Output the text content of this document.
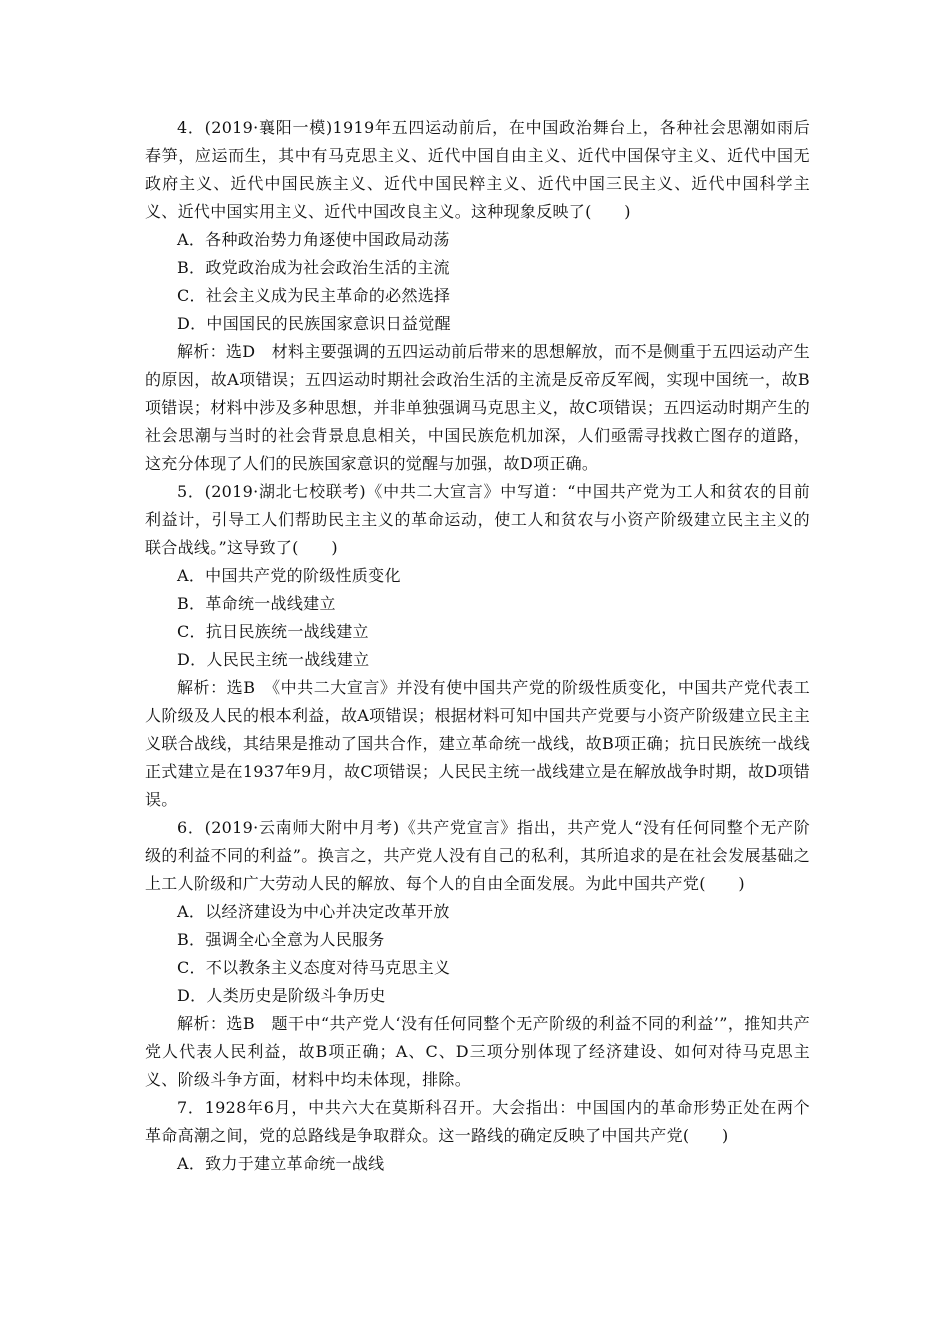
4．(2019·襄阳一模)1919年五四运动前后，在中国政治舞台上，各种社会思潮如雨后春笋，应运而生，其中有马克思主义、近代中国自由主义、近代中国保守主义、近代中国无政府主义、近代中国民族主义、近代中国民粹主义、近代中国三民主义、近代中国科学主义、近代中国实用主义、近代中国改良主义。这种现象反映了(　　)

A．各种政治势力角逐使中国政局动荡

B．政党政治成为社会政治生活的主流

C．社会主义成为民主革命的必然选择

D．中国国民的民族国家意识日益觉醒

解析：选D　材料主要强调的五四运动前后带来的思想解放，而不是侧重于五四运动产生的原因，故A项错误；五四运动时期社会政治生活的主流是反帝反军阀，实现中国统一，故B项错误；材料中涉及多种思想，并非单独强调马克思主义，故C项错误；五四运动时期产生的社会思潮与当时的社会背景息息相关，中国民族危机加深，人们亟需寻找救亡图存的道路，这充分体现了人们的民族国家意识的觉醒与加强，故D项正确。

5．(2019·湖北七校联考)《中共二大宣言》中写道：“中国共产党为工人和贫农的目前利益计，引导工人们帮助民主主义的革命运动，使工人和贫农与小资产阶级建立民主主义的联合战线。”这导致了(　　)

A．中国共产党的阶级性质变化

B．革命统一战线建立

C．抗日民族统一战线建立

D．人民民主统一战线建立

解析：选B　《中共二大宣言》并没有使中国共产党的阶级性质变化，中国共产党代表工人阶级及人民的根本利益，故A项错误；根据材料可知中国共产党要与小资产阶级建立民主主义联合战线，其结果是推动了国共合作，建立革命统一战线，故B项正确；抗日民族统一战线正式建立是在1937年9月，故C项错误；人民民主统一战线建立是在解放战争时期，故D项错误。

6．(2019·云南师大附中月考)《共产党宣言》指出，共产党人“没有任何同整个无产阶级的利益不同的利益”。换言之，共产党人没有自己的私利，其所追求的是在社会发展基础之上工人阶级和广大劳动人民的解放、每个人的自由全面发展。为此中国共产党(　　)

A．以经济建设为中心并决定改革开放

B．强调全心全意为人民服务

C．不以教条主义态度对待马克思主义

D．人类历史是阶级斗争历史

解析：选B　题干中“共产党人‘没有任何同整个无产阶级的利益不同的利益’”，推知共产党人代表人民利益，故B项正确；A、C、D三项分别体现了经济建设、如何对待马克思主义、阶级斗争方面，材料中均未体现，排除。

7．1928年6月，中共六大在莫斯科召开。大会指出：中国国内的革命形势正处在两个革命高潮之间，党的总路线是争取群众。这一路线的确定反映了中国共产党(　　)

A．致力于建立革命统一战线
